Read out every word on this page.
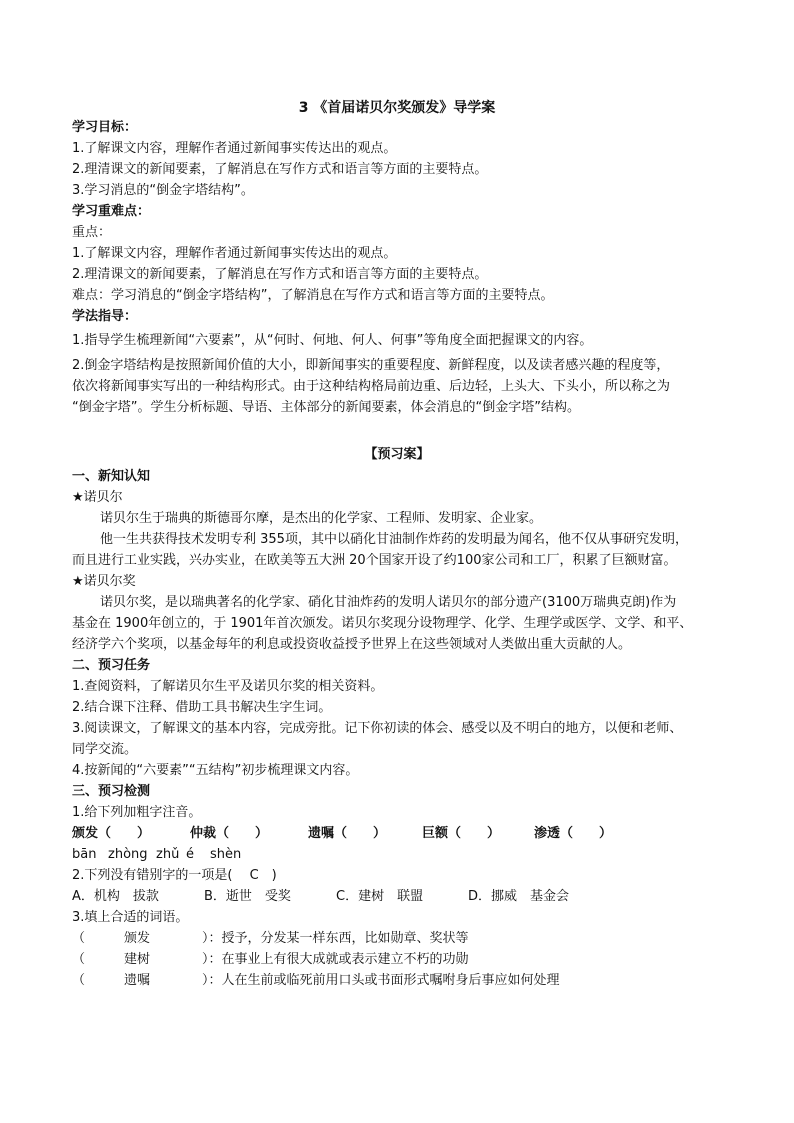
3 《首届诺贝尔奖颁发》导学案
学习目标：
1.了解课文内容，理解作者通过新闻事实传达出的观点。
2.理清课文的新闻要素，了解消息在写作方式和语言等方面的主要特点。
3.学习消息的“倒金字塔结构”。
学习重难点：
重点：
1.了解课文内容，理解作者通过新闻事实传达出的观点。
2.理清课文的新闻要素，了解消息在写作方式和语言等方面的主要特点。
难点：学习消息的“倒金字塔结构”，了解消息在写作方式和语言等方面的主要特点。
学法指导：
1.指导学生梳理新闻“六要素”，从“何时、何地、何人、何事”等角度全面把握课文的内容。
2.倒金字塔结构是按照新闻价值的大小，即新闻事实的重要程度、新鲜程度，以及读者感兴趣的程度等，
依次将新闻事实写出的一种结构形式。由于这种结构格局前边重、后边轻，上头大、下头小，所以称之为
“倒金字塔”。学生分析标题、导语、主体部分的新闻要素，体会消息的“倒金字塔”结构。
【预习案】
一、新知认知
★诺贝尔
诺贝尔生于瑞典的斯德哥尔摩，是杰出的化学家、工程师、发明家、企业家。
他一生共获得技术发明专利 355项，其中以硝化甘油制作炸药的发明最为闻名，他不仅从事研究发明，
而且进行工业实践，兴办实业，在欧美等五大洲 20个国家开设了约100家公司和工厂，积累了巨额财富。
★诺贝尔奖
诺贝尔奖，是以瑞典著名的化学家、硝化甘油炸药的发明人诺贝尔的部分遗产(3100万瑞典克朗)作为
基金在 1900年创立的，于 1901年首次颁发。诺贝尔奖现分设物理学、化学、生理学或医学、文学、和平、
经济学六个奖项，以基金每年的利息或投资收益授予世界上在这些领域对人类做出重大贡献的人。
二、预习任务
1.查阅资料，了解诺贝尔生平及诺贝尔奖的相关资料。
2.结合课下注释、借助工具书解决生字生词。
3.阅读课文，了解课文的基本内容，完成旁批。记下你初读的体会、感受以及不明白的地方，以便和老师、
同学交流。
4.按新闻的“六要素”“五结构”初步梳理课文内容。
三、预习检测
1.给下列加粗字注音。
颁发（　　）	仲裁（　　）	遗嘱（　　）	巨额（　　）	渗透（　　）
bān zhòng zhǔ é shèn
2.下列没有错别字的一项是(　 C　)
A．机构　拔款	B．逝世　受奖	C．建树　联盟	D．挪威　基金会
3.填上合适的词语。
（　　　颁发　　　　）：授予，分发某一样东西，比如勋章、奖状等
（　　　建树　　　　）：在事业上有很大成就或表示建立不朽的功勋
（　　　遗嘱　　　　）：人在生前或临死前用口头或书面形式嘱咐身后事应如何处理
